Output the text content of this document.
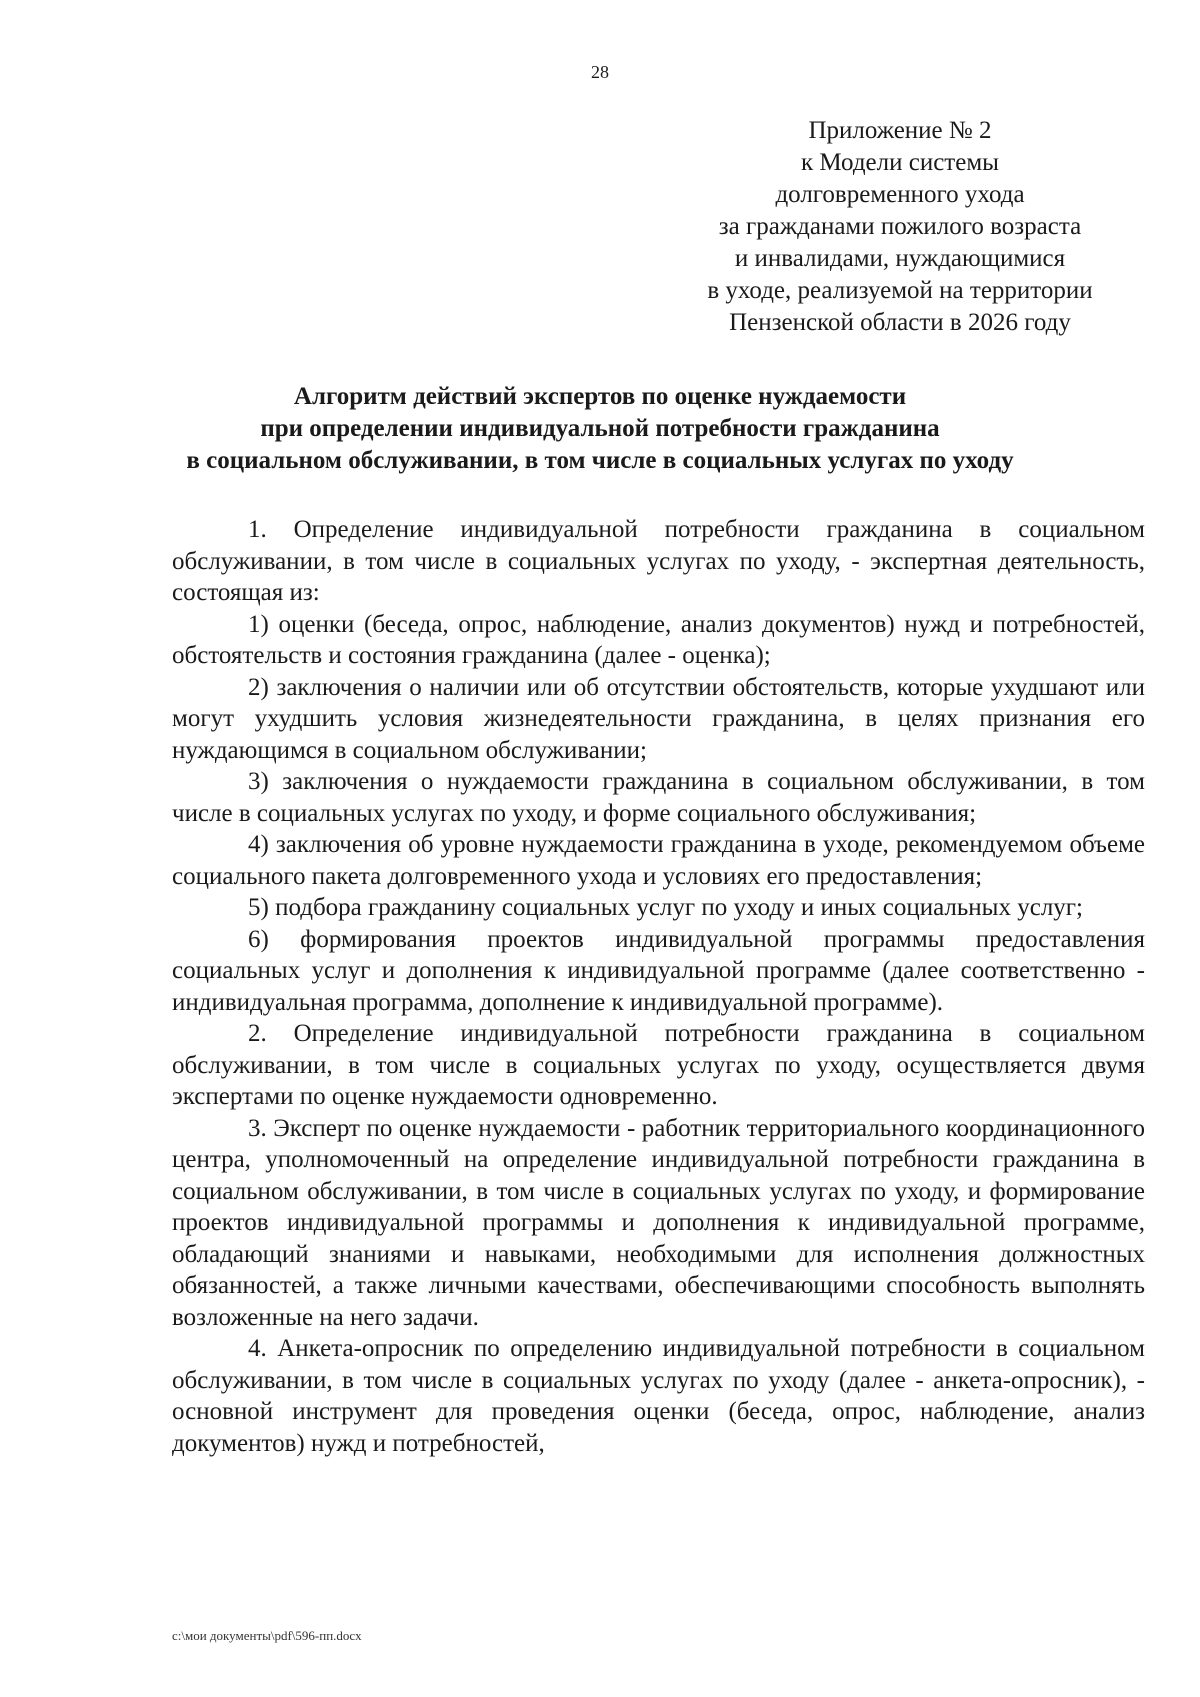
28
Приложение № 2
к Модели системы
долговременного ухода
за гражданами пожилого возраста
и инвалидами, нуждающимися
в уходе, реализуемой на территории
Пензенской области в 2026 году
Алгоритм действий экспертов по оценке нуждаемости
при определении индивидуальной потребности гражданина
в социальном обслуживании, в том числе в социальных услугах по уходу

1. Определение индивидуальной потребности гражданина в социальном обслуживании, в том числе в социальных услугах по уходу, - экспертная деятельность, состоящая из:

1) оценки (беседа, опрос, наблюдение, анализ документов) нужд и потребностей, обстоятельств и состояния гражданина (далее - оценка);

2) заключения о наличии или об отсутствии обстоятельств, которые ухудшают или могут ухудшить условия жизнедеятельности гражданина, в целях признания его нуждающимся в социальном обслуживании;

3) заключения о нуждаемости гражданина в социальном обслуживании, в том числе в социальных услугах по уходу, и форме социального обслуживания;

4) заключения об уровне нуждаемости гражданина в уходе, рекомендуемом объеме социального пакета долговременного ухода и условиях его предоставления;

5) подбора гражданину социальных услуг по уходу и иных социальных услуг;

6) формирования проектов индивидуальной программы предоставления социальных услуг и дополнения к индивидуальной программе (далее соответственно - индивидуальная программа, дополнение к индивидуальной программе).

2. Определение индивидуальной потребности гражданина в социальном обслуживании, в том числе в социальных услугах по уходу, осуществляется двумя экспертами по оценке нуждаемости одновременно.

3. Эксперт по оценке нуждаемости - работник территориального координационного центра, уполномоченный на определение индивидуальной потребности гражданина в социальном обслуживании, в том числе в социальных услугах по уходу, и формирование проектов индивидуальной программы и дополнения к индивидуальной программе, обладающий знаниями и навыками, необходимыми для исполнения должностных обязанностей, а также личными качествами, обеспечивающими способность выполнять возложенные на него задачи.

4. Анкета-опросник по определению индивидуальной потребности в социальном обслуживании, в том числе в социальных услугах по уходу (далее - анкета-опросник), - основной инструмент для проведения оценки (беседа, опрос, наблюдение, анализ документов) нужд и потребностей,

c:\мои документы\pdf\596-пп.docx
